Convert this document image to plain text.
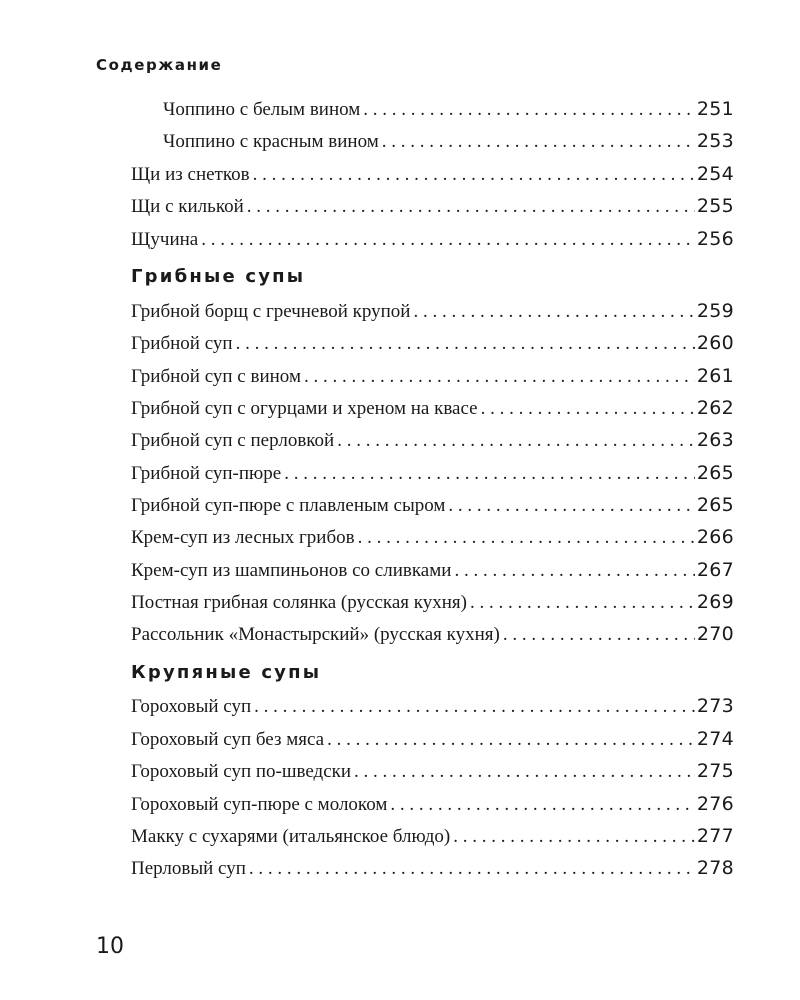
Содержание
Чоппино с белым вином . . .	251
Чоппино с красным вином . . .	253
Щи из снетков . . .	254
Щи с килькой . . .	255
Щучина . . .	256
Грибные супы
Грибной борщ с гречневой крупой . . .	259
Грибной суп . . .	260
Грибной суп с вином . . .	261
Грибной суп с огурцами и хреном на квасе . . .	262
Грибной суп с перловкой . . .	263
Грибной суп-пюре . . .	265
Грибной суп-пюре с плавленым сыром . . .	265
Крем-суп из лесных грибов . . .	266
Крем-суп из шампиньонов со сливками . . .	267
Постная грибная солянка (русская кухня) . . .	269
Рассольник «Монастырский» (русская кухня) . . .	270
Крупяные супы
Гороховый суп . . .	273
Гороховый суп без мяса . . .	274
Гороховый суп по-шведски . . .	275
Гороховый суп-пюре с молоком . . .	276
Макку с сухарями (итальянское блюдо) . . .	277
Перловый суп . . .	278
10
